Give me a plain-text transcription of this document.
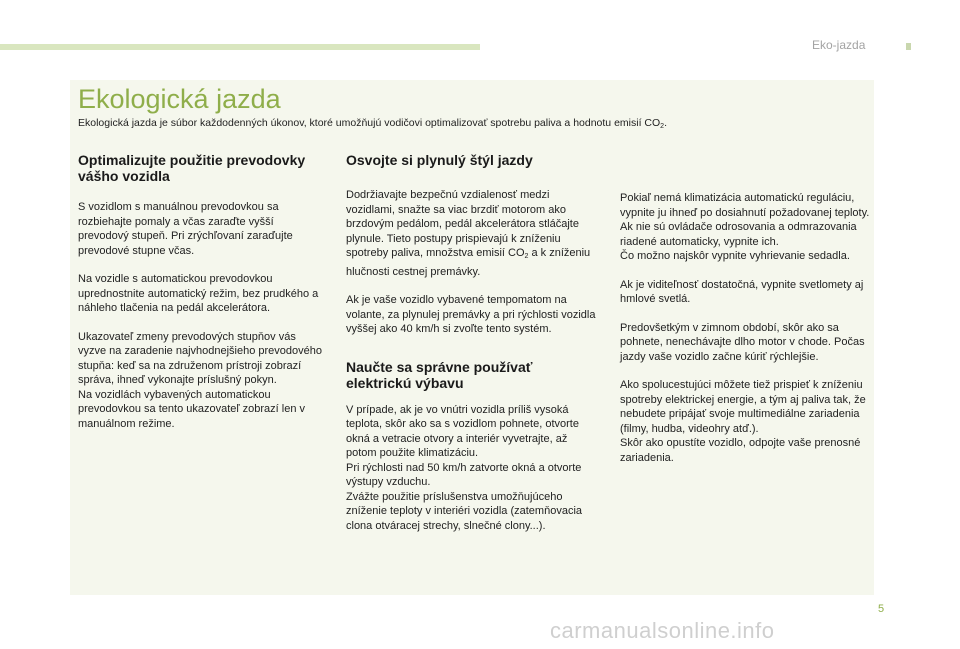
Eko-jazda
Ekologická jazda

Ekologická jazda je súbor každodenných úkonov, ktoré umožňujú vodičovi optimalizovať spotrebu paliva a hodnotu emisií $CO_2$.

Optimalizujte použitie prevodovky vášho vozidla

S vozidlom s manuálnou prevodovkou sa rozbiehajte pomaly a včas zaraďte vyšší prevodový stupeň. Pri zrýchľovaní zaraďujte prevodové stupne včas.

Na vozidle s automatickou prevodovkou uprednostnite automatický režim, bez prudkého a náhleho tlačenia na pedál akcelerátora.

Ukazovateľ zmeny prevodových stupňov vás vyzve na zaradenie najvhodnejšieho prevodového stupňa: keď sa na združenom prístroji zobrazí správa, ihneď vykonajte príslušný pokyn.

Na vozidlách vybavených automatickou prevodovkou sa tento ukazovateľ zobrazí len v manuálnom režime.

Osvojte si plynulý štýl jazdy

Dodržiavajte bezpečnú vzdialenosť medzi vozidlami, snažte sa viac brzdiť motorom ako brzdovým pedálom, pedál akcelerátora stláčajte plynule. Tieto postupy prispievajú k zníženiu spotreby paliva, množstva emisií $CO_2$ a k zníženiu hlučnosti cestnej premávky.

Ak je vaše vozidlo vybavené tempomatom na volante, za plynulej premávky a pri rýchlosti vozidla vyššej ako 40 km/h si zvoľte tento systém.

Naučte sa správne používať elektrickú výbavu

V prípade, ak je vo vnútri vozidla príliš vysoká teplota, skôr ako sa s vozidlom pohnete, otvorte okná a vetracie otvory a interiér vyvetrajte, až potom použite klimatizáciu.

Pri rýchlosti nad 50 km/h zatvorte okná a otvorte výstupy vzduchu.

Zvážte použitie príslušenstva umožňujúceho zníženie teploty v interiéri vozidla (zatemňovacia clona otváracej strechy, slnečné clony...).

Pokiaľ nemá klimatizácia automatickú reguláciu, vypnite ju ihneď po dosiahnutí požadovanej teploty.

Ak nie sú ovládače odrosovania a odmrazovania riadené automaticky, vypnite ich.

Čo možno najskôr vypnite vyhrievanie sedadla.

Ak je viditeľnosť dostatočná, vypnite svetlomety aj hmlové svetlá.

Predovšetkým v zimnom období, skôr ako sa pohnete, nenechávajte dlho motor v chode. Počas jazdy vaše vozidlo začne kúriť rýchlejšie.

Ako spolucestujúci môžete tiež prispieť k zníženiu spotreby elektrickej energie, a tým aj paliva tak, že nebudete pripájať svoje multimediálne zariadenia (filmy, hudba, videohry atď.).

Skôr ako opustíte vozidlo, odpojte vaše prenosné zariadenia.

5
carmanualsonline.info
